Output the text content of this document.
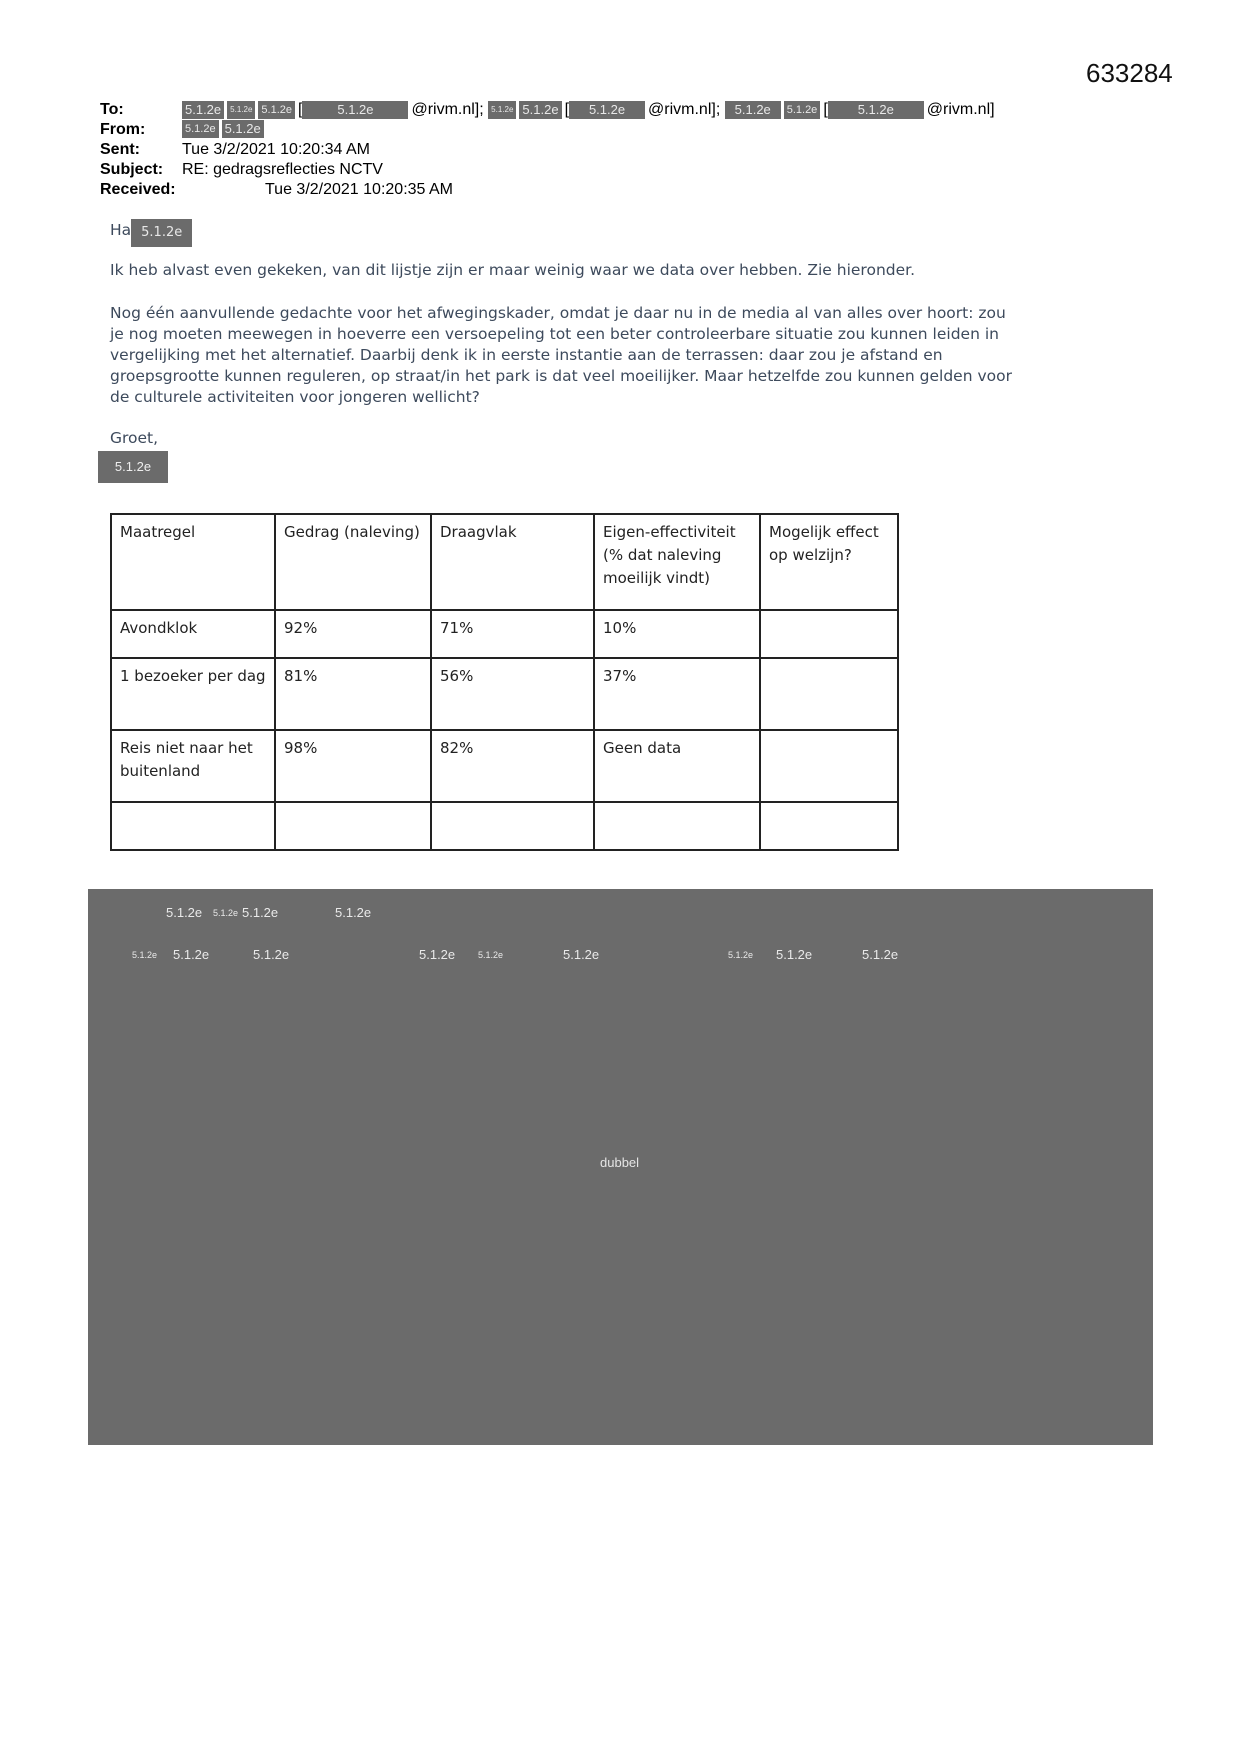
633284
To:	5.1.2e	5.1.2e 5.1.2e [	5.1.2e	@rivm.nl];
5.1.2e 5.1.2e [	5.1.2e	@rivm.nl];
	5.1.2e	5.1.2e [	5.1.2e	@rivm.nl]
From:	5.1.2e 5.1.2e
Sent:	Tue 3/2/2021 10:20:34 AM
Subject: RE: gedragsreflecties NCTV
Received:	Tue 3/2/2021 10:20:35 AM
Ha 5.1.2e
Ik heb alvast even gekeken, van dit lijstje zijn er maar weinig waar we data over hebben. Zie hieronder.
Nog één aanvullende gedachte voor het afwegingskader, omdat je daar nu in de media al van alles over hoort: zou
je nog moeten meewegen in hoeverre een versoepeling tot een beter controleerbare situatie zou kunnen leiden in
vergelijking met het alternatief. Daarbij denk ik in eerste instantie aan de terrassen: daar zou je afstand en
groepsgrootte kunnen reguleren, op straat/in het park is dat veel moeilijker. Maar hetzelfde zou kunnen gelden voor
de culturele activiteiten voor jongeren wellicht?
Groet,
5.1.2e
Maatregel	Gedrag (naleving)	Draagvlak	Eigen-effectiviteit (% dat naleving moeilijk vindt)	Mogelijk effect op welzijn?
Avondklok	92%	71%	10%	
1 bezoeker per dag	81%	56%	37%	
Reis niet naar het buitenland	98%	82%	Geen data	

5.1.2e 5.1.2e 5.1.2e	5.1.2e
5.1.2e 5.1.2e	5.1.2e	5.1.2e	5.1.2e	5.1.2e	5.1.2e 5.1.2e	5.1.2e
dubbel
